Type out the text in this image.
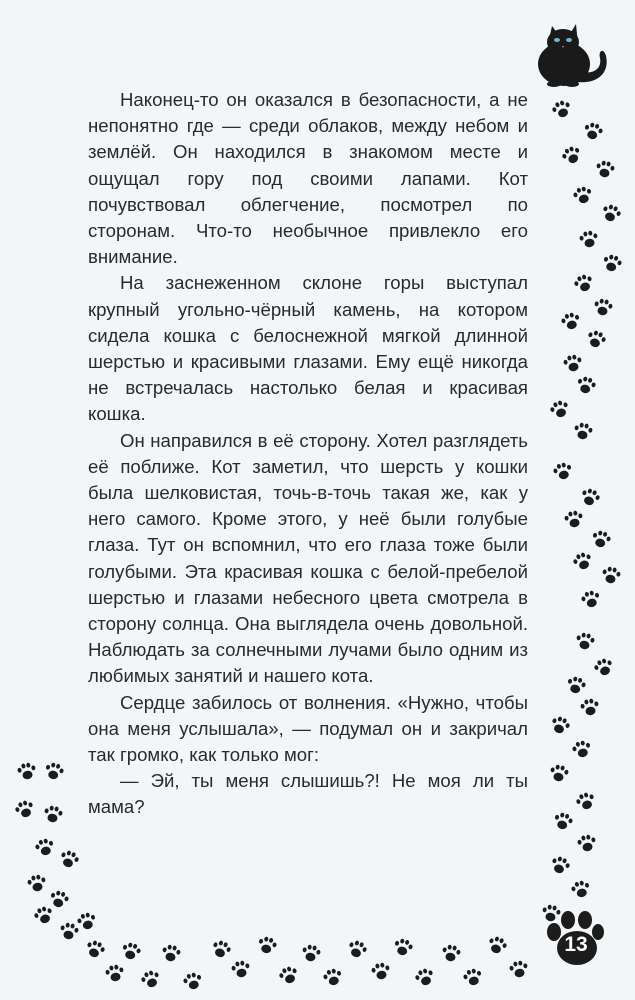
Наконец-то он оказался в безопасности, а не непонятно где — среди облаков, между небом и землёй. Он находился в знакомом месте и ощущал гору под своими лапами. Кот почувствовал облегчение, посмотрел по сторонам. Что-то необычное привлекло его внимание.

На заснеженном склоне горы выступал крупный угольно-чёрный камень, на котором сидела кошка с белоснежной мягкой длинной шерстью и красивыми глазами. Ему ещё никогда не встречалась настолько белая и красивая кошка.

Он направился в её сторону. Хотел разглядеть её поближе. Кот заметил, что шерсть у кошки была шелковистая, точь-в-точь такая же, как у него самого. Кроме этого, у неё были голубые глаза. Тут он вспомнил, что его глаза тоже были голубыми. Эта красивая кошка с белой-пребелой шерстью и глазами небесного цвета смотрела в сторону солнца. Она выглядела очень довольной. Наблюдать за солнечными лучами было одним из любимых занятий и нашего кота.

Сердце забилось от волнения. «Нужно, чтобы она меня услышала», — подумал он и закричал так громко, как только мог:

— Эй, ты меня слышишь?! Не моя ли ты мама?

13
